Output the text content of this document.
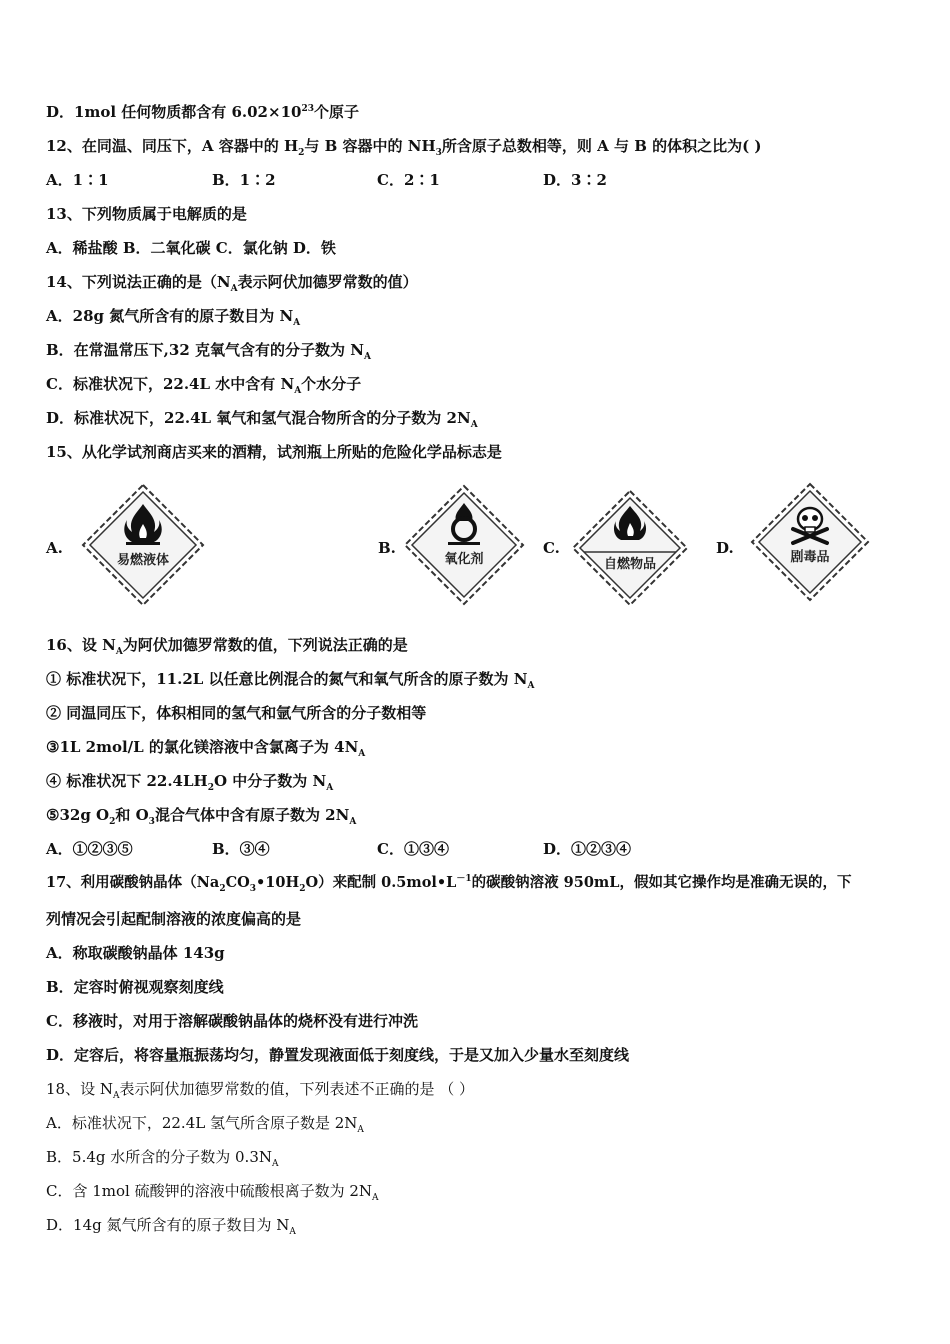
D．1mol 任何物质都含有 $6.02\times 10^{23}$个原子
12、在同温、同压下，A 容器中的 $H_2$与 B 容器中的 $NH_3$所含原子总数相等，则 A 与 B 的体积之比为( )
A．1∶1	B．1∶2	C．2∶1	D．3∶2
13、下列物质属于电解质的是
A．稀盐酸 B．二氧化碳 C．氯化钠 D．铁
14、下列说法正确的是（$N_A$表示阿伏加德罗常数的值）
A．28g 氮气所含有的原子数目为 $N_A$
B．在常温常压下,32 克氧气含有的分子数为 $N_A$
C．标准状况下，22.4L 水中含有 $N_A$个水分子
D．标准状况下，22.4L 氧气和氢气混合物所含的分子数为 $2N_A$
15、从化学试剂商店买来的酒精，试剂瓶上所贴的危险化学品标志是
A.
易燃液体
B.
氧化剂
C.
自燃物品
D.
剧毒品
16、设 $N_A$为阿伏加德罗常数的值，下列说法正确的是
① 标准状况下，11.2L 以任意比例混合的氮气和氧气所含的原子数为 $N_A$
② 同温同压下，体积相同的氢气和氩气所含的分子数相等
③1L 2mol/L 的氯化镁溶液中含氯离子为 $4N_A$
④ 标准状况下 $22.4LH_2O$ 中分子数为 $N_A$
⑤32g $O_2$和 $O_3$混合气体中含有原子数为 $2N_A$
A．①②③⑤	B．③④	C．①③④	D．①②③④
17、利用碳酸钠晶体$(Na_2CO_3•10H_2O)$来配制 $0.5mol•L^{-1}$的碳酸钠溶液 950mL，假如其它操作均是准确无误的，下
列情况会引起配制溶液的浓度偏高的是
A．称取碳酸钠晶体 143g
B．定容时俯视观察刻度线
C．移液时，对用于溶解碳酸钠晶体的烧杯没有进行冲洗
D．定容后，将容量瓶振荡均匀，静置发现液面低于刻度线，于是又加入少量水至刻度线
18、设 $N_A$表示阿伏加德罗常数的值，下列表述不正确的是 （ ）
A．标准状况下，22.4L 氢气所含原子数是 $2N_A$
B．5.4g 水所含的分子数为 $0.3N_A$
C．含 1mol 硫酸钾的溶液中硫酸根离子数为 $2N_A$
D．14g 氮气所含有的原子数目为 $N_A$
